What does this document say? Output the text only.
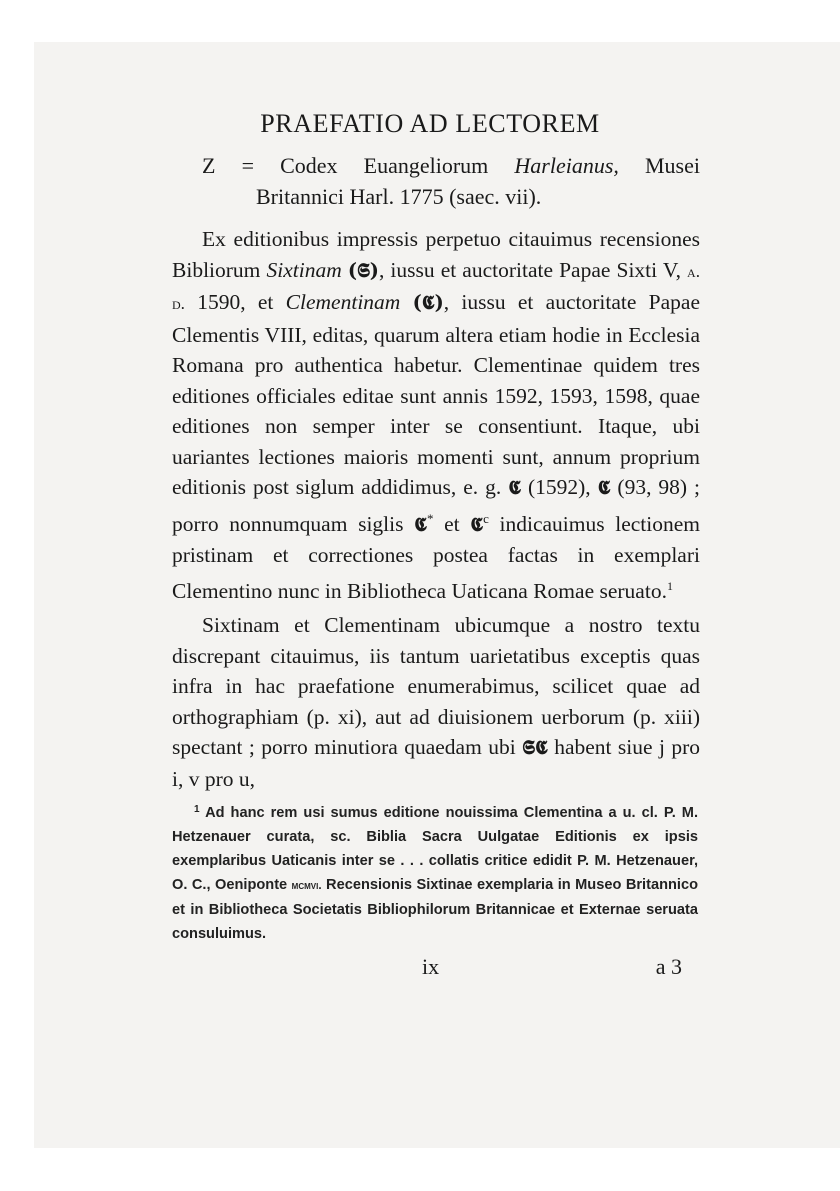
PRAEFATIO AD LECTOREM
Z = Codex Euangeliorum Harleianus, Musei
Britannici Harl. 1775 (saec. vii).

Ex editionibus impressis perpetuo citauimus recensiones Bibliorum Sixtinam (𝕾), iussu et auctoritate Papae Sixti V, a. d. 1590, et Clementinam (𝕮), iussu et auctoritate Papae Clementis VIII, editas, quarum altera etiam hodie in Ecclesia Romana pro authentica habetur. Clementinae quidem tres editiones officiales editae sunt annis 1592, 1593, 1598, quae editiones non semper inter se consentiunt. Itaque, ubi uariantes lectiones maioris momenti sunt, annum proprium editionis post siglum addidimus, e. g. 𝕮 (1592), 𝕮 (93, 98) ; porro nonnumquam siglis 𝕮* et 𝕮$^c$ indicauimus lectionem pristinam et correctiones postea factas in exemplari Clementino nunc in Bibliotheca Uaticana Romae seruato.$^1$

Sixtinam et Clementinam ubicumque a nostro textu discrepant citauimus, iis tantum uarietatibus exceptis quas infra in hac praefatione enumerabimus, scilicet quae ad orthographiam (p. xi), aut ad diuisionem uerborum (p. xiii) spectant ; porro minutiora quaedam ubi 𝕾𝕮 habent siue j pro i, v pro u,

$^1$ Ad hanc rem usi sumus editione nouissima Clementina a u. cl. P. M. Hetzenauer curata, sc. Biblia Sacra Uulgatae Editionis ex ipsis exemplaribus Uaticanis inter se . . . collatis critice edidit P. M. Hetzenauer, O. C., Oeniponte mcmvi. Recensionis Sixtinae exemplaria in Museo Britannico et in Bibliotheca Societatis Bibliophilorum Britannicae et Externae seruata consuluimus.

ix	a 3
